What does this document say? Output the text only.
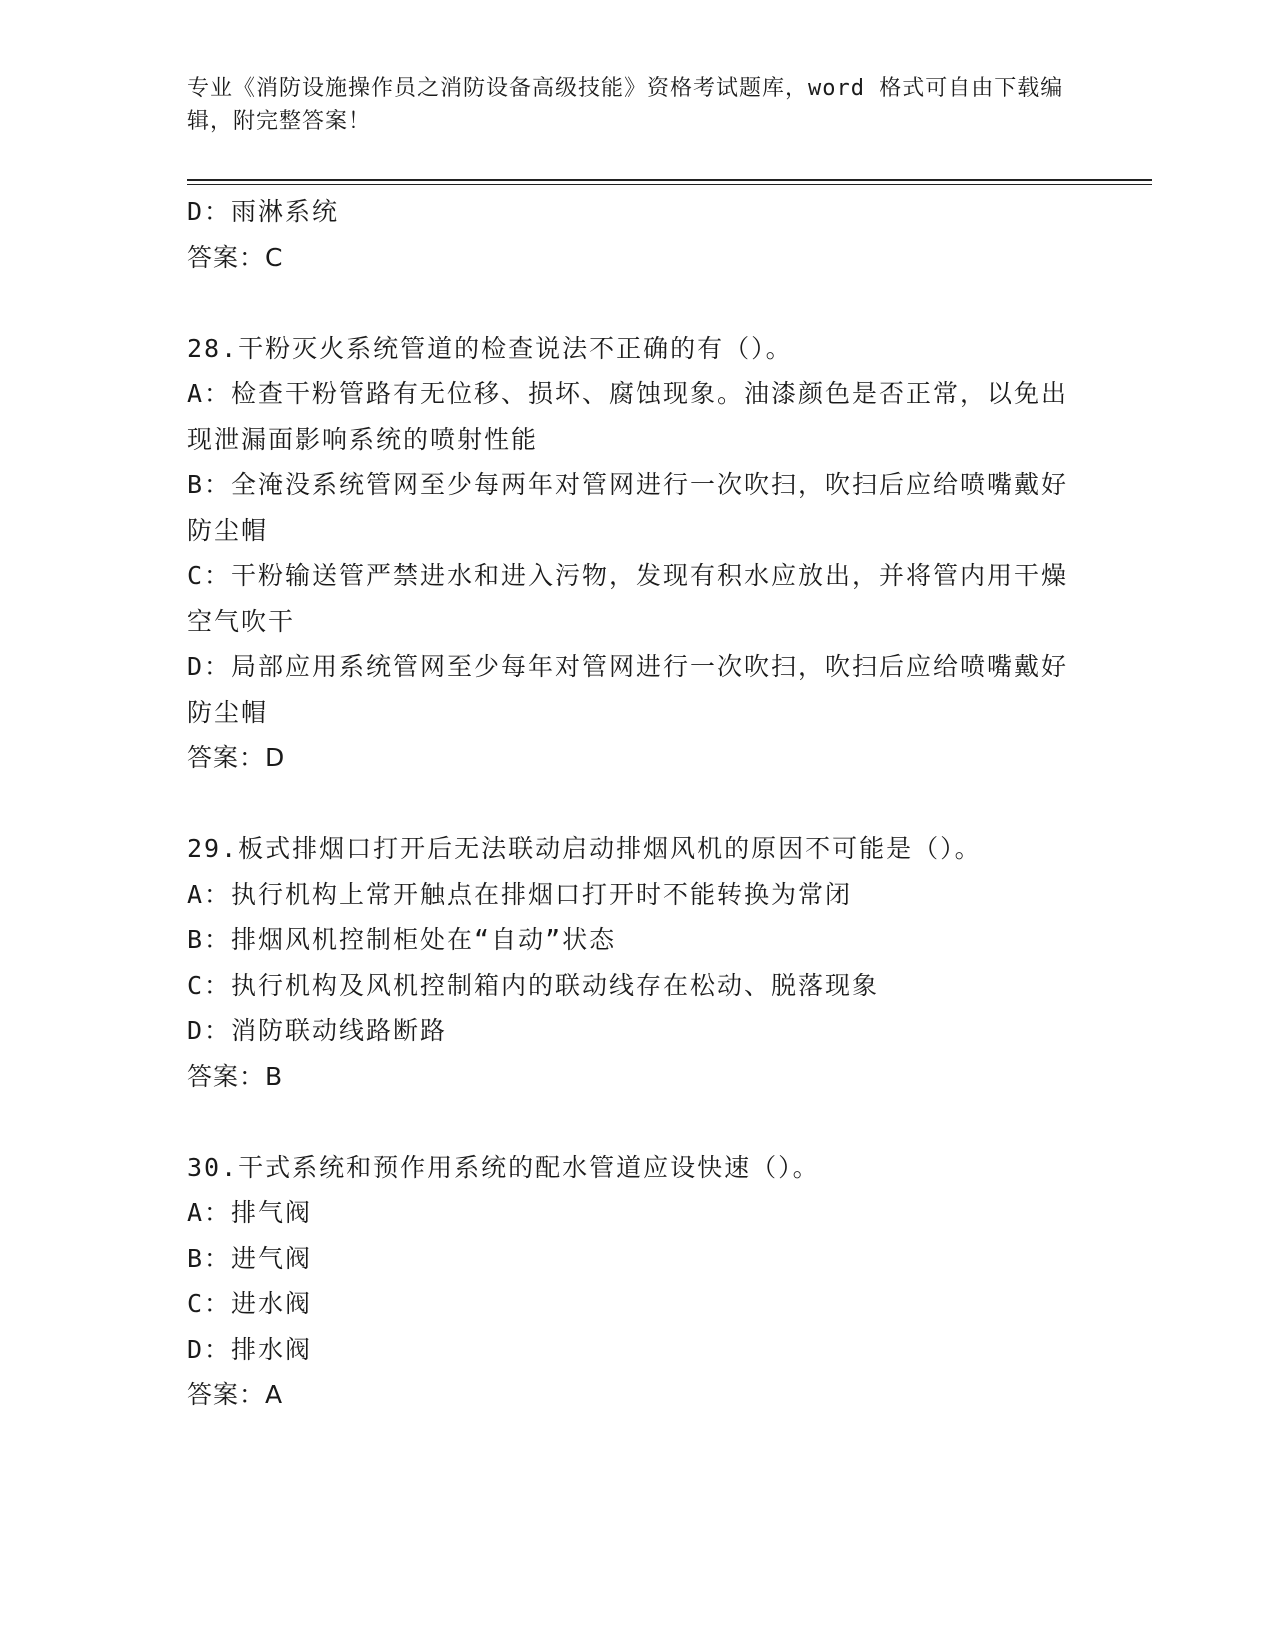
专业《消防设施操作员之消防设备高级技能》资格考试题库，word 格式可自由下载编辑，附完整答案！
D：雨淋系统
答案：C
28.干粉灭火系统管道的检查说法不正确的有（）。
A：检查干粉管路有无位移、损坏、腐蚀现象。油漆颜色是否正常，以免出现泄漏面影响系统的喷射性能
B：全淹没系统管网至少每两年对管网进行一次吹扫，吹扫后应给喷嘴戴好防尘帽
C：干粉输送管严禁进水和进入污物，发现有积水应放出，并将管内用干燥空气吹干
D：局部应用系统管网至少每年对管网进行一次吹扫，吹扫后应给喷嘴戴好防尘帽
答案：D
29.板式排烟口打开后无法联动启动排烟风机的原因不可能是（）。
A：执行机构上常开触点在排烟口打开时不能转换为常闭
B：排烟风机控制柜处在“自动”状态
C：执行机构及风机控制箱内的联动线存在松动、脱落现象
D：消防联动线路断路
答案：B
30.干式系统和预作用系统的配水管道应设快速（）。
A：排气阀
B：进气阀
C：进水阀
D：排水阀
答案：A
